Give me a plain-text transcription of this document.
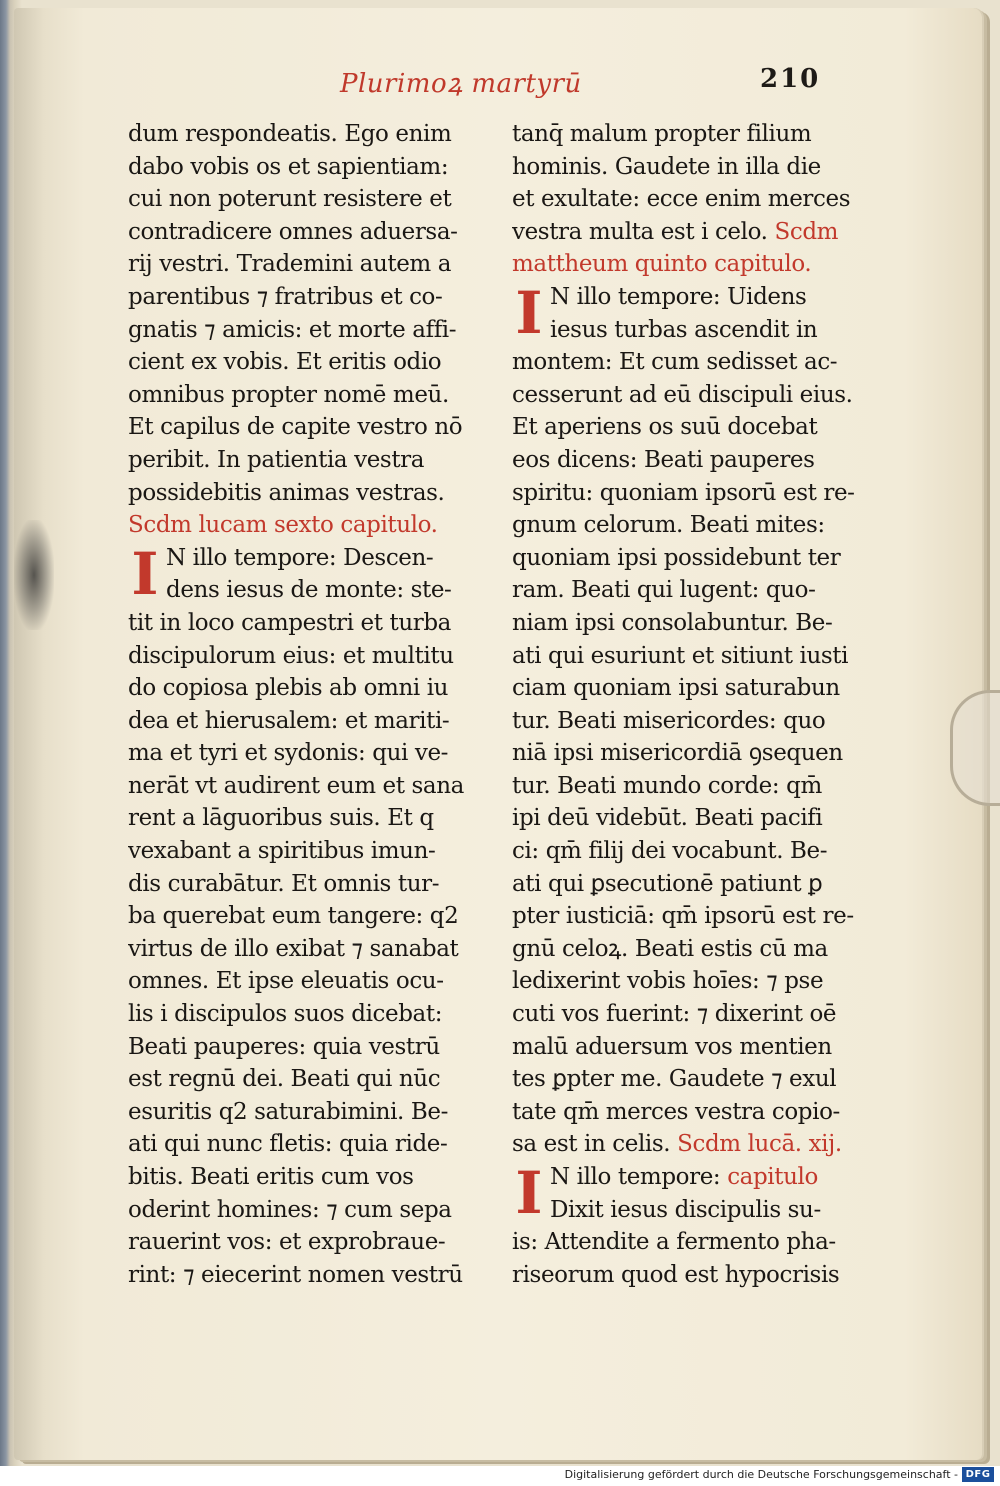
Plurimoꝝ martyrū	210
dum respondeatis. Ego enim
dabo vobis os et sapientiam:
cui non poterunt resistere et
contradicere omnes aduersa-
rij vestri. Trademini autem a
parentibus ⁊ fratribus et co-
gnatis ⁊ amicis: et morte affi-
cient ex vobis. Et eritis odio
omnibus propter nomē meū.
Et capilus de capite vestro nō
peribit. In patientia vestra
possidebitis animas vestras.
Scdm lucam sexto capitulo.
I N illo tempore: Descen-
dens iesus de monte: ste-
tit in loco campestri et turba
discipulorum eius: et multitu
do copiosa plebis ab omni iu
dea et hierusalem: et mariti-
ma et tyri et sydonis: qui ve-
nerāt vt audirent eum et sana
rent a lāguoribus suis. Et q
vexabant a spiritibus imun-
dis curabātur. Et omnis tur-
ba querebat eum tangere: q2
virtus de illo exibat ⁊ sanabat
omnes. Et ipse eleuatis ocu-
lis i discipulos suos dicebat:
Beati pauperes: quia vestrū
est regnū dei. Beati qui nūc
esuritis q2 saturabimini. Be-
ati qui nunc fletis: quia ride-
bitis. Beati eritis cum vos
oderint homines: ⁊ cum sepa
rauerint vos: et exprobraue-
rint: ⁊ eiecerint nomen vestrū
tanq̄ malum propter filium
hominis. Gaudete in illa die
et exultate: ecce enim merces
vestra multa est i celo. Scdm
mattheum quinto capitulo.
I N illo tempore: Uidens
iesus turbas ascendit in
montem: Et cum sedisset ac-
cesserunt ad eū discipuli eius.
Et aperiens os suū docebat
eos dicens: Beati pauperes
spiritu: quoniam ipsorū est re-
gnum celorum. Beati mites:
quoniam ipsi possidebunt ter
ram. Beati qui lugent: quo-
niam ipsi consolabuntur. Be-
ati qui esuriunt et sitiunt iusti
ciam quoniam ipsi saturabun
tur. Beati misericordes: quo
niā ipsi misericordiā ꝯsequen
tur. Beati mundo corde: qm̄
ipi deū videbūt. Beati pacifi
ci: qm̄ filij dei vocabunt. Be-
ati qui ꝑsecutionē patiunt ꝑ
pter iusticiā: qm̄ ipsorū est re-
gnū celoꝝ. Beati estis cū ma
ledixerint vobis hoīes: ⁊ pse
cuti vos fuerint: ⁊ dixerint oē
malū aduersum vos mentien
tes ꝑpter me. Gaudete ⁊ exul
tate qm̄ merces vestra copio-
sa est in celis. Scdm lucā. xij.
I N illo tempore: capitulo
Dixit iesus discipulis su-
is: Attendite a fermento pha-
riseorum quod est hypocrisis
Digitalisierung gefördert durch die Deutsche Forschungsgemeinschaft - DFG
